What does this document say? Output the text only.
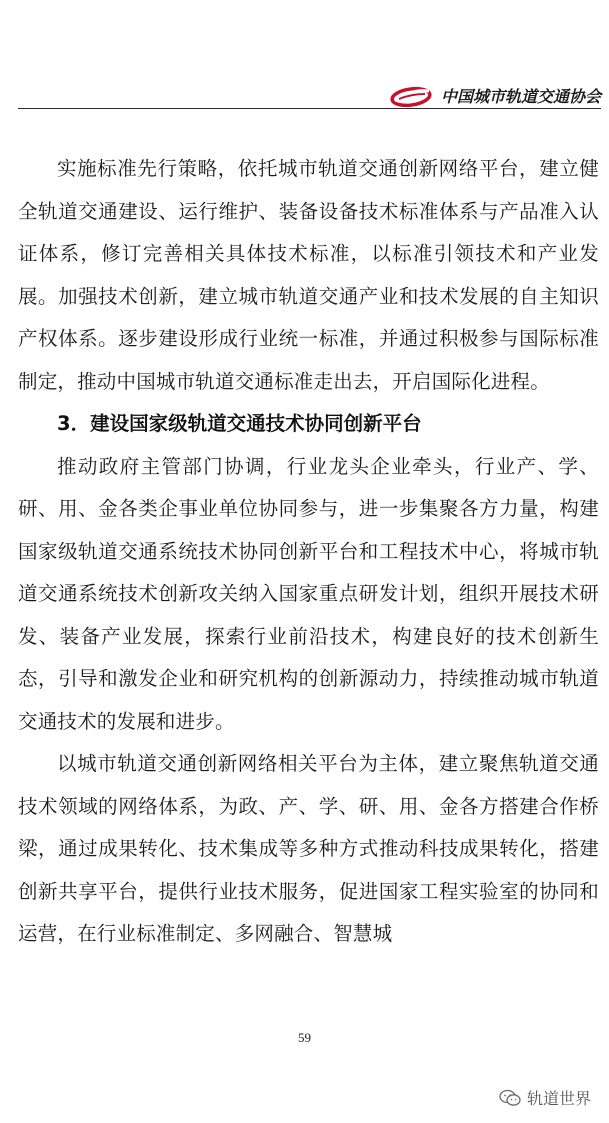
中国城市轨道交通协会

实施标准先行策略，依托城市轨道交通创新网络平台，建立健全轨道交通建设、运行维护、装备设备技术标准体系与产品准入认证体系，修订完善相关具体技术标准，以标准引领技术和产业发展。加强技术创新，建立城市轨道交通产业和技术发展的自主知识产权体系。逐步建设形成行业统一标准，并通过积极参与国际标准制定，推动中国城市轨道交通标准走出去，开启国际化进程。

3．建设国家级轨道交通技术协同创新平台

推动政府主管部门协调，行业龙头企业牵头，行业产、学、研、用、金各类企事业单位协同参与，进一步集聚各方力量，构建国家级轨道交通系统技术协同创新平台和工程技术中心，将城市轨道交通系统技术创新攻关纳入国家重点研发计划，组织开展技术研发、装备产业发展，探索行业前沿技术，构建良好的技术创新生态，引导和激发企业和研究机构的创新源动力，持续推动城市轨道交通技术的发展和进步。

以城市轨道交通创新网络相关平台为主体，建立聚焦轨道交通技术领域的网络体系，为政、产、学、研、用、金各方搭建合作桥梁，通过成果转化、技术集成等多种方式推动科技成果转化，搭建创新共享平台，提供行业技术服务，促进国家工程实验室的协同和运营，在行业标准制定、多网融合、智慧城

59
轨道世界
